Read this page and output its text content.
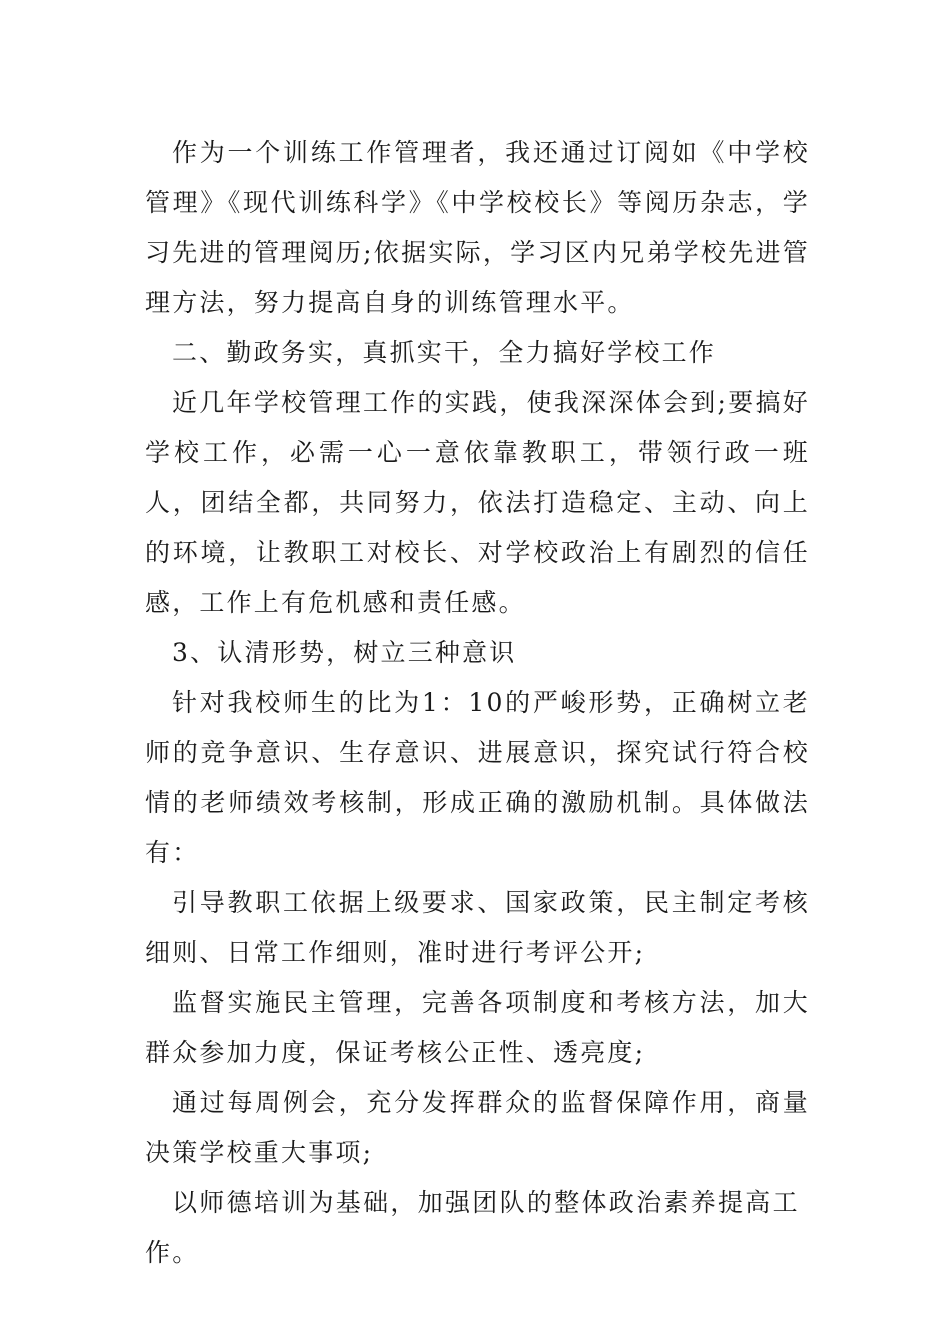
作为一个训练工作管理者，我还通过订阅如《中学校管理》《现代训练科学》《中学校校长》等阅历杂志，学习先进的管理阅历;依据实际，学习区内兄弟学校先进管理方法，努力提高自身的训练管理水平。

二、勤政务实，真抓实干，全力搞好学校工作

近几年学校管理工作的实践，使我深深体会到;要搞好学校工作，必需一心一意依靠教职工，带领行政一班人，团结全都，共同努力，依法打造稳定、主动、向上的环境，让教职工对校长、对学校政治上有剧烈的信任感，工作上有危机感和责任感。

3、认清形势，树立三种意识

针对我校师生的比为1：10的严峻形势，正确树立老师的竞争意识、生存意识、进展意识，探究试行符合校情的老师绩效考核制，形成正确的激励机制。具体做法有：

引导教职工依据上级要求、国家政策，民主制定考核细则、日常工作细则，准时进行考评公开;

监督实施民主管理，完善各项制度和考核方法，加大群众参加力度，保证考核公正性、透亮度;

通过每周例会，充分发挥群众的监督保障作用，商量决策学校重大事项;

以师德培训为基础，加强团队的整体政治素养提高工作。
